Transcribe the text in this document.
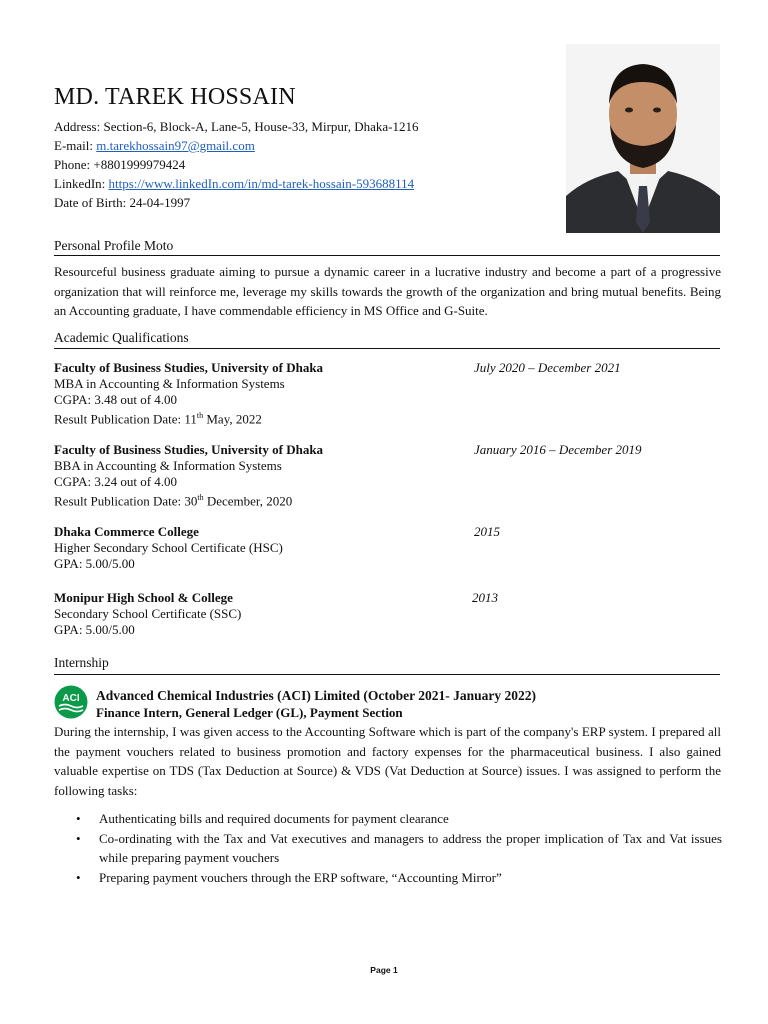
MD. TAREK HOSSAIN
Address: Section-6, Block-A, Lane-5, House-33, Mirpur, Dhaka-1216
E-mail: m.tarekhossain97@gmail.com
Phone: +8801999979424
LinkedIn: https://www.linkedIn.com/in/md-tarek-hossain-593688114
Date of Birth: 24-04-1997
Personal Profile Moto
Resourceful business graduate aiming to pursue a dynamic career in a lucrative industry and become a part of a progressive organization that will reinforce me, leverage my skills towards the growth of the organization and bring mutual benefits. Being an Accounting graduate, I have commendable efficiency in MS Office and G-Suite.
Academic Qualifications
Faculty of Business Studies, University of Dhaka	July 2020 – December 2021
MBA in Accounting & Information Systems
CGPA: 3.48 out of 4.00
Result Publication Date: 11th May, 2022
Faculty of Business Studies, University of Dhaka	January 2016 – December 2019
BBA in Accounting & Information Systems
CGPA: 3.24 out of 4.00
Result Publication Date: 30th December, 2020
Dhaka Commerce College	2015
Higher Secondary School Certificate (HSC)
GPA: 5.00/5.00
Monipur High School & College	2013
Secondary School Certificate (SSC)
GPA: 5.00/5.00
Internship
ACI Advanced Chemical Industries (ACI) Limited (October 2021- January 2022)
Finance Intern, General Ledger (GL), Payment Section
During the internship, I was given access to the Accounting Software which is part of the company's ERP system. I prepared all the payment vouchers related to business promotion and factory expenses for the pharmaceutical business. I also gained valuable expertise on TDS (Tax Deduction at Source) & VDS (Vat Deduction at Source) issues. I was assigned to perform the following tasks:
• Authenticating bills and required documents for payment clearance
• Co-ordinating with the Tax and Vat executives and managers to address the proper implication of Tax and Vat issues while preparing payment vouchers
• Preparing payment vouchers through the ERP software, “Accounting Mirror”
Page 1
